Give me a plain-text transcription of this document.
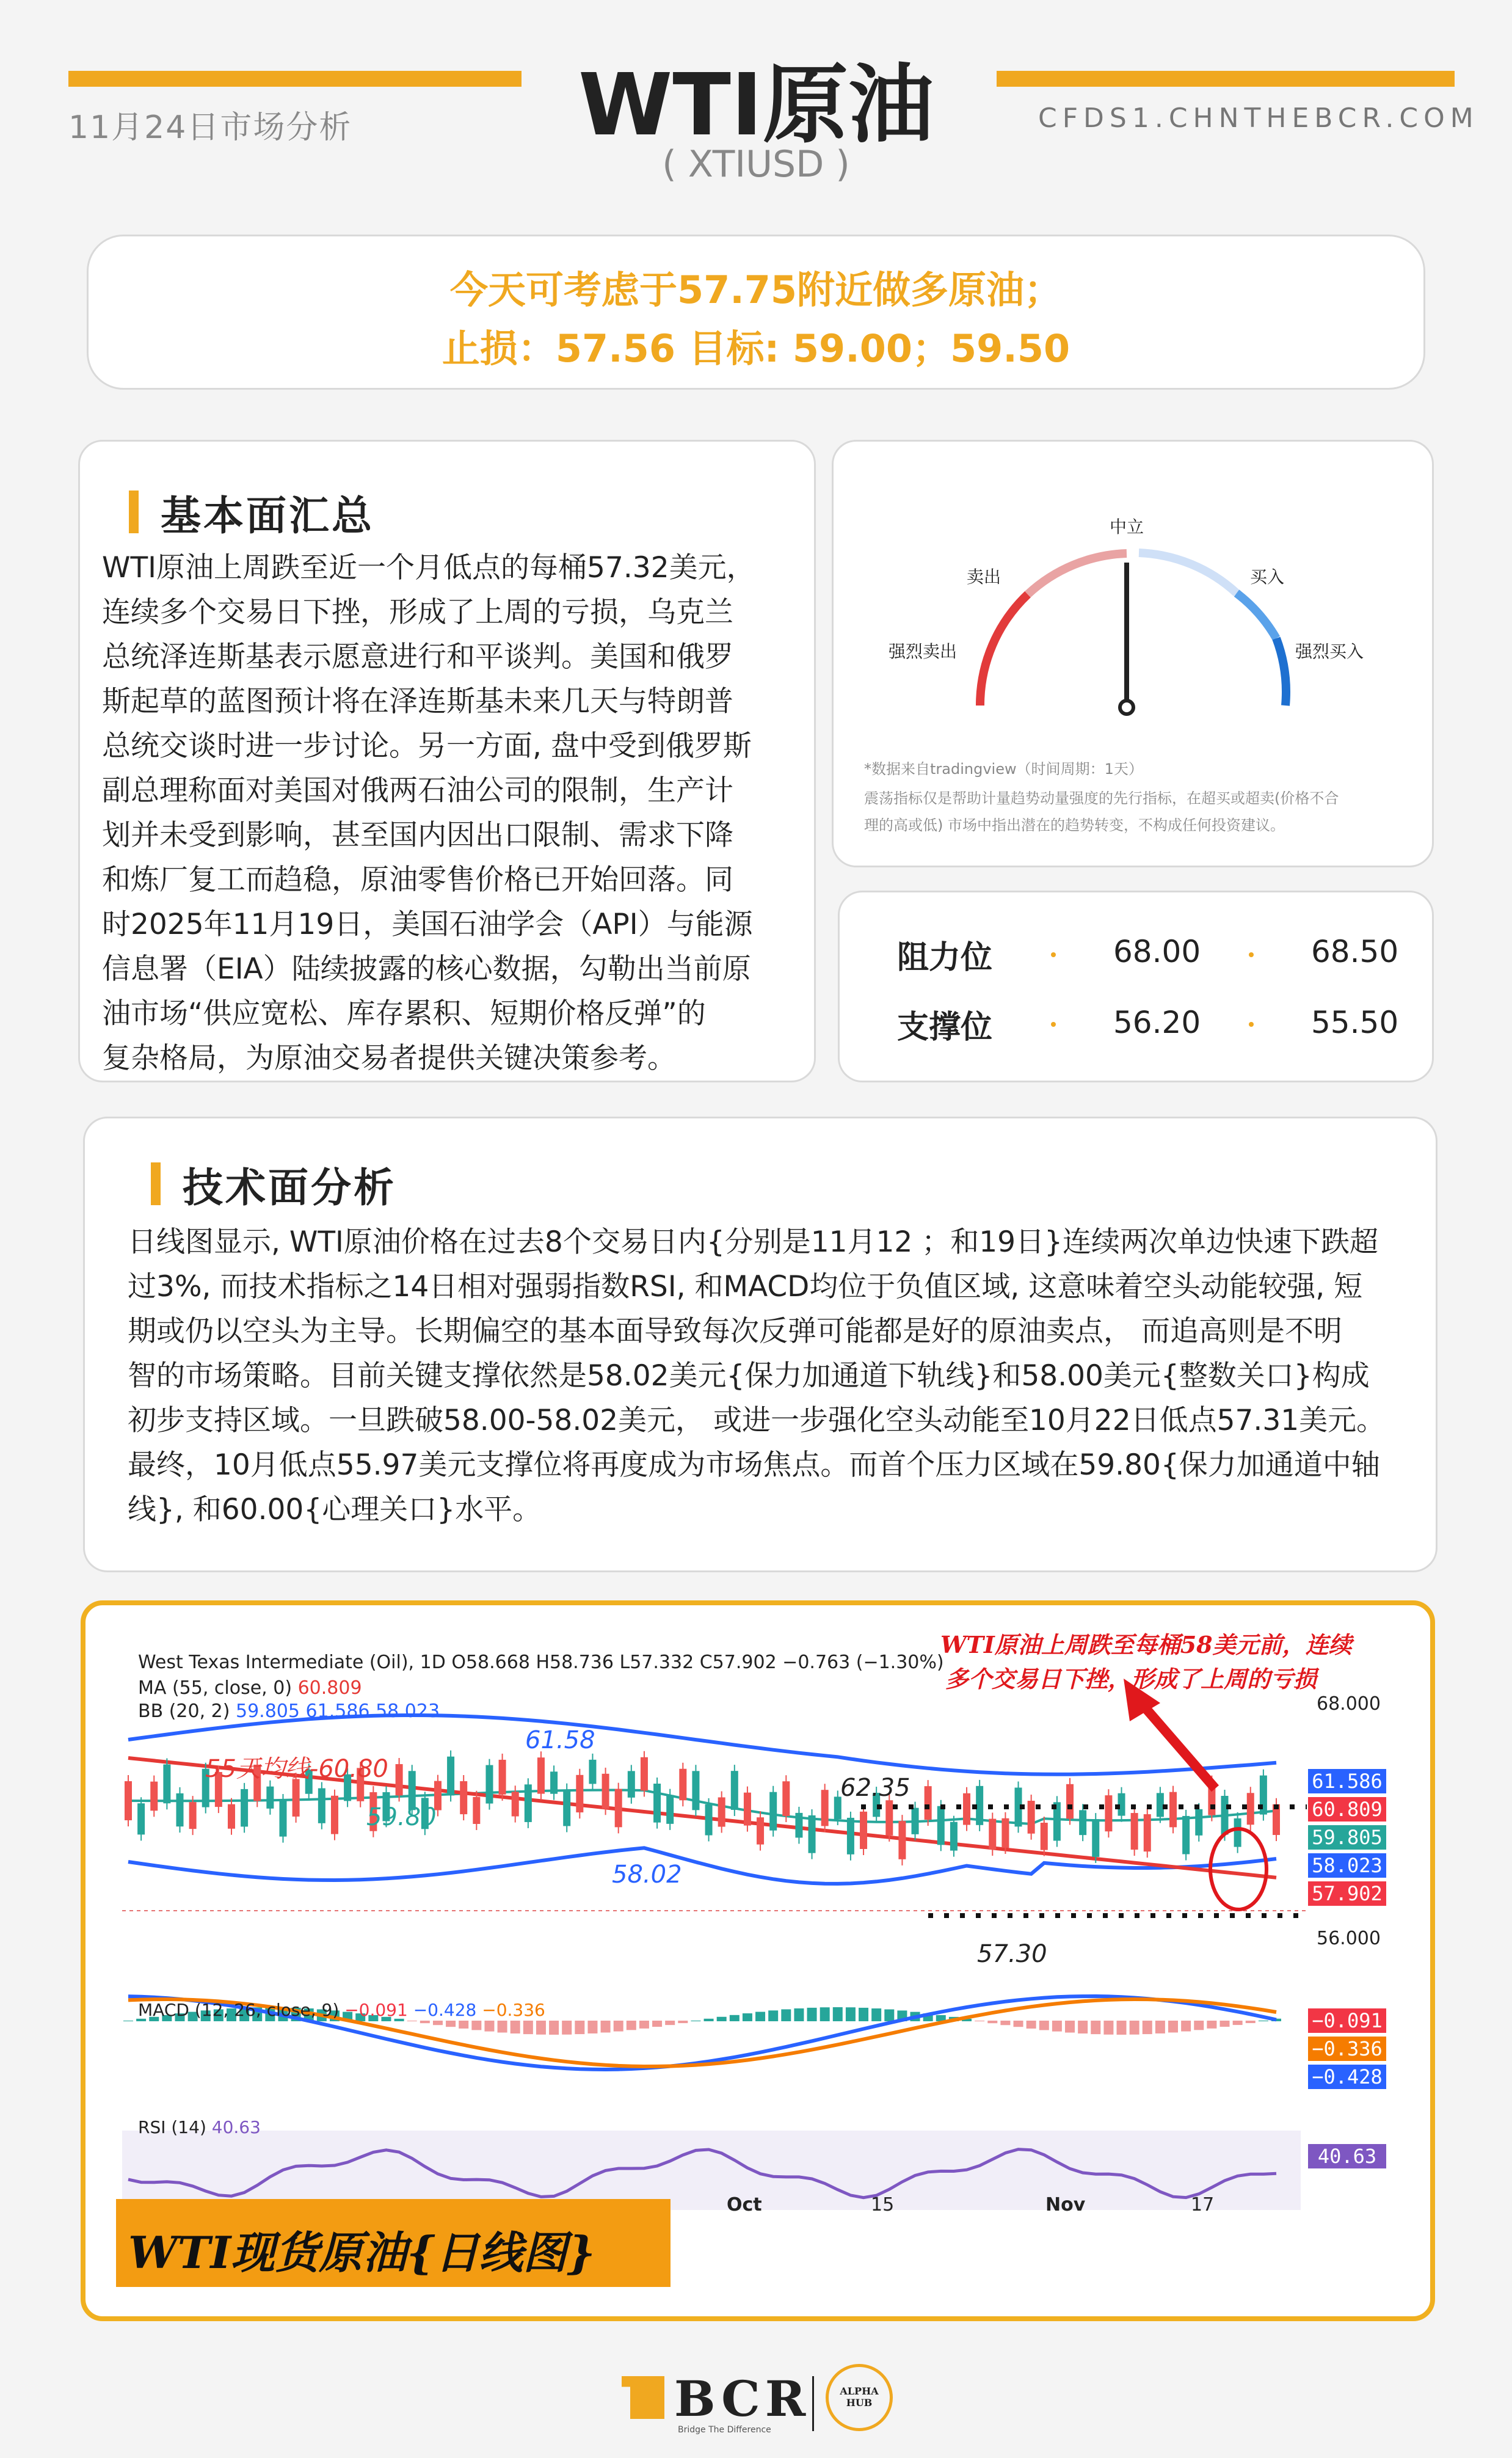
11月24日市场分析	WTI原油
( XTIUSD )
CFDS1.CHNTHEBCR.COM
今天可考虑于57.75附近做多原油；
止损：57.56 目标: 59.00；59.50
基本面汇总
WTI原油上周跌至近一个月低点的每桶57.32美元，
连续多个交易日下挫，形成了上周的亏损，乌克兰
总统泽连斯基表示愿意进行和平谈判。美国和俄罗
斯起草的蓝图预计将在泽连斯基未来几天与特朗普
总统交谈时进一步讨论。另一方面, 盘中受到俄罗斯
副总理称面对美国对俄两石油公司的限制，生产计
划并未受到影响，甚至国内因出口限制、需求下降
和炼厂复工而趋稳，原油零售价格已开始回落。同
时2025年11月19日，美国石油学会（API）与能源
信息署（EIA）陆续披露的核心数据，勾勒出当前原
油市场“供应宽松、库存累积、短期价格反弹”的
复杂格局，为原油交易者提供关键决策参考。
中立
卖出	买入
强烈卖出	强烈买入
*数据来自tradingview（时间周期：1天）
震荡指标仅是帮助计量趋势动量强度的先行指标，在超买或超卖(价格不合
理的高或低) 市场中指出潜在的趋势转变，不构成任何投资建议。
阻力位	68.00	68.50
支撑位	56.20	55.50
技术面分析
日线图显示, WTI原油价格在过去8个交易日内{分别是11月12 ；和19日}连续两次单边快速下跌超
过3%, 而技术指标之14日相对强弱指数RSI, 和MACD均位于负值区域, 这意味着空头动能较强, 短
期或仍以空头为主导。长期偏空的基本面导致每次反弹可能都是好的原油卖点， 而追高则是不明
智的市场策略。目前关键支撑依然是58.02美元{保力加通道下轨线}和58.00美元{整数关口}构成
初步支持区域。一旦跌破58.00-58.02美元， 或进一步强化空头动能至10月22日低点57.31美元。
最终，10月低点55.97美元支撑位将再度成为市场焦点。而首个压力区域在59.80{保力加通道中轴
线}, 和60.00{心理关口}水平。
West Texas Intermediate (Oil), 1D O58.668 H58.736 L57.332 C57.902 −0.763 (−1.30%)
MA (55, close, 0) 60.809
BB (20, 2) 59.805 61.586 58.023
WTI原油上周跌至每桶58美元前，连续
多个交易日下挫，形成了上周的亏损
55天均线-60.80
59.80
61.58
58.02
62.35
57.30
68.000
56.000
61.586
60.809
59.805
58.023
57.902
MACD (12, 26, close, 9) −0.091 −0.428 −0.336	−0.091
−0.336
−0.428
RSI (14) 40.63
40.63
Oct	15	Nov	17
WTI现货原油{日线图}
BCR
Bridge The Difference
ALPHA
HUB
